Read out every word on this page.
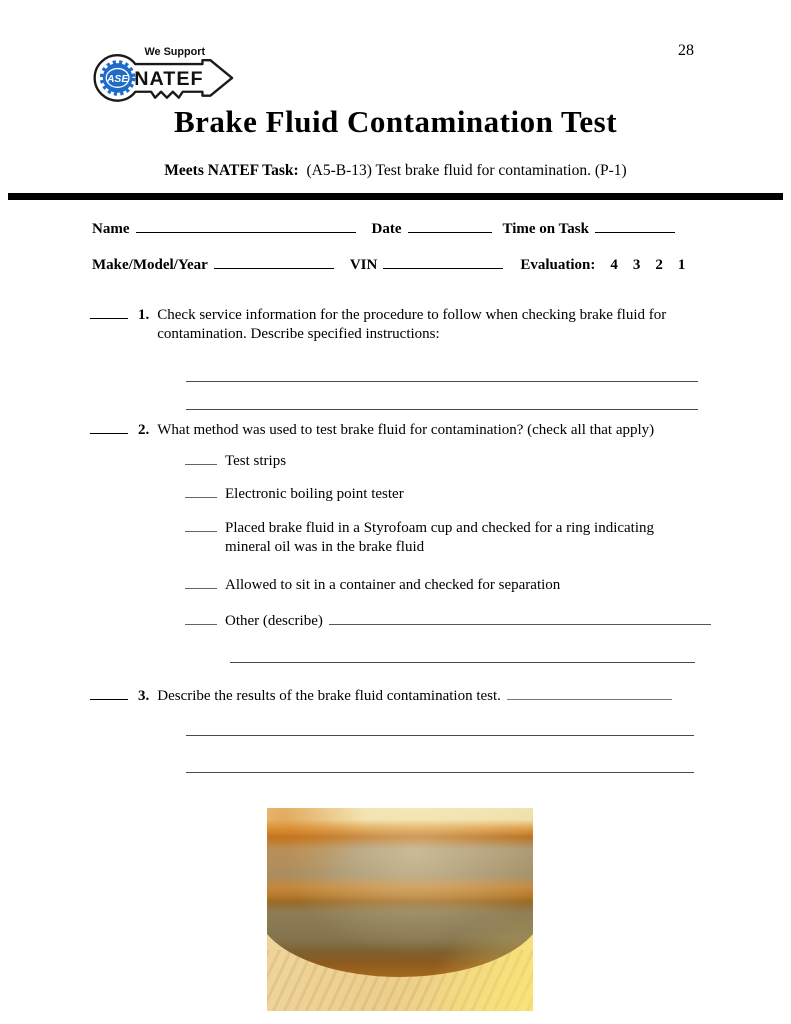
ASE
We Support
NATEF
28
Brake Fluid Contamination Test
Meets NATEF Task: (A5-B-13) Test brake fluid for contamination. (P-1)
Name	Date	Time on Task
Make/Model/Year	VIN	Evaluation: 4 3 2 1
1. Check service information for the procedure to follow when checking brake fluid for contamination. Describe specified instructions:
2. What method was used to test brake fluid for contamination? (check all that apply)
Test strips
Electronic boiling point tester
Placed brake fluid in a Styrofoam cup and checked for a ring indicating mineral oil was in the brake fluid
Allowed to sit in a container and checked for separation
Other (describe)
3. Describe the results of the brake fluid contamination test.
